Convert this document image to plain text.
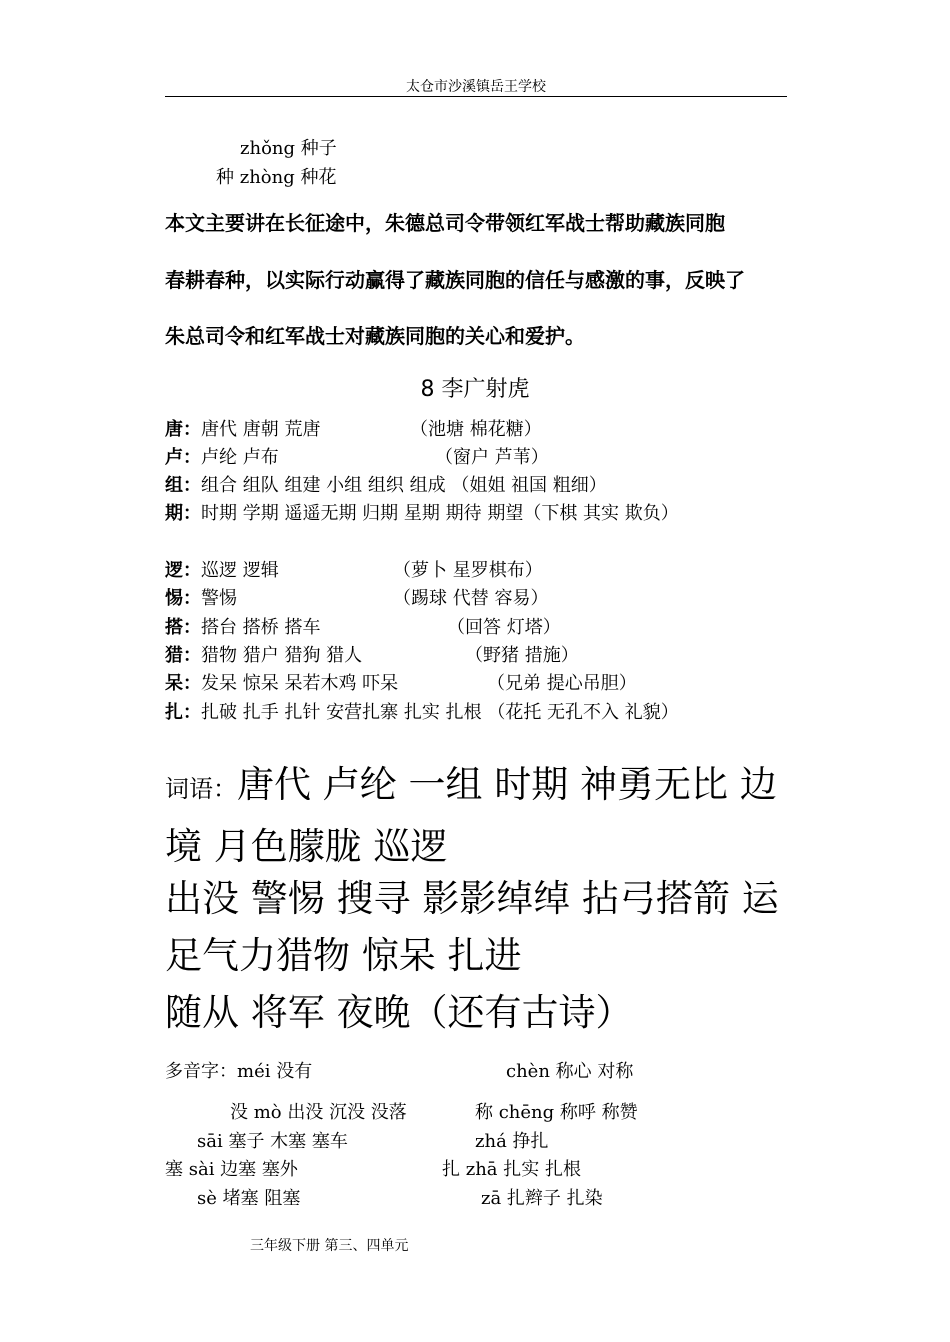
太仓市沙溪镇岳王学校
zhǒng 种子
种 zhòng 种花
本文主要讲在长征途中，朱德总司令带领红军战士帮助藏族同胞
春耕春种，以实际行动赢得了藏族同胞的信任与感激的事，反映了
朱总司令和红军战士对藏族同胞的关心和爱护。
8 李广射虎
唐：唐代 唐朝 荒唐	（池塘 棉花糖）
卢：卢纶 卢布	（窗户 芦苇）
组：组合 组队 组建 小组 组织 组成 （姐姐 祖国 粗细）
期：时期 学期 遥遥无期 归期 星期 期待 期望（下棋 其实 欺负）
逻：巡逻 逻辑	（萝卜 星罗棋布）
惕：警惕	（踢球 代替 容易）
搭：搭台 搭桥 搭车	（回答 灯塔）
猎：猎物 猎户 猎狗 猎人	（野猪 措施）
呆：发呆 惊呆 呆若木鸡 吓呆	（兄弟 提心吊胆）
扎：扎破 扎手 扎针 安营扎寨 扎实 扎根 （花托 无孔不入 礼貌）
词语：唐代 卢纶 一组 时期 神勇无比 边境 月色朦胧 巡逻
出没 警惕 搜寻 影影绰绰 拈弓搭箭 运足气力猎物 惊呆 扎进
随从 将军 夜晚（还有古诗）
多音字：méi 没有	chèn 称心 对称
没 mò 出没 沉没 没落	称 chēng 称呼 称赞
sāi 塞子 木塞 塞车	zhá 挣扎
塞 sài 边塞 塞外	扎 zhā 扎实 扎根
sè 堵塞 阻塞	zā 扎辫子 扎染
三年级下册 第三、四单元
